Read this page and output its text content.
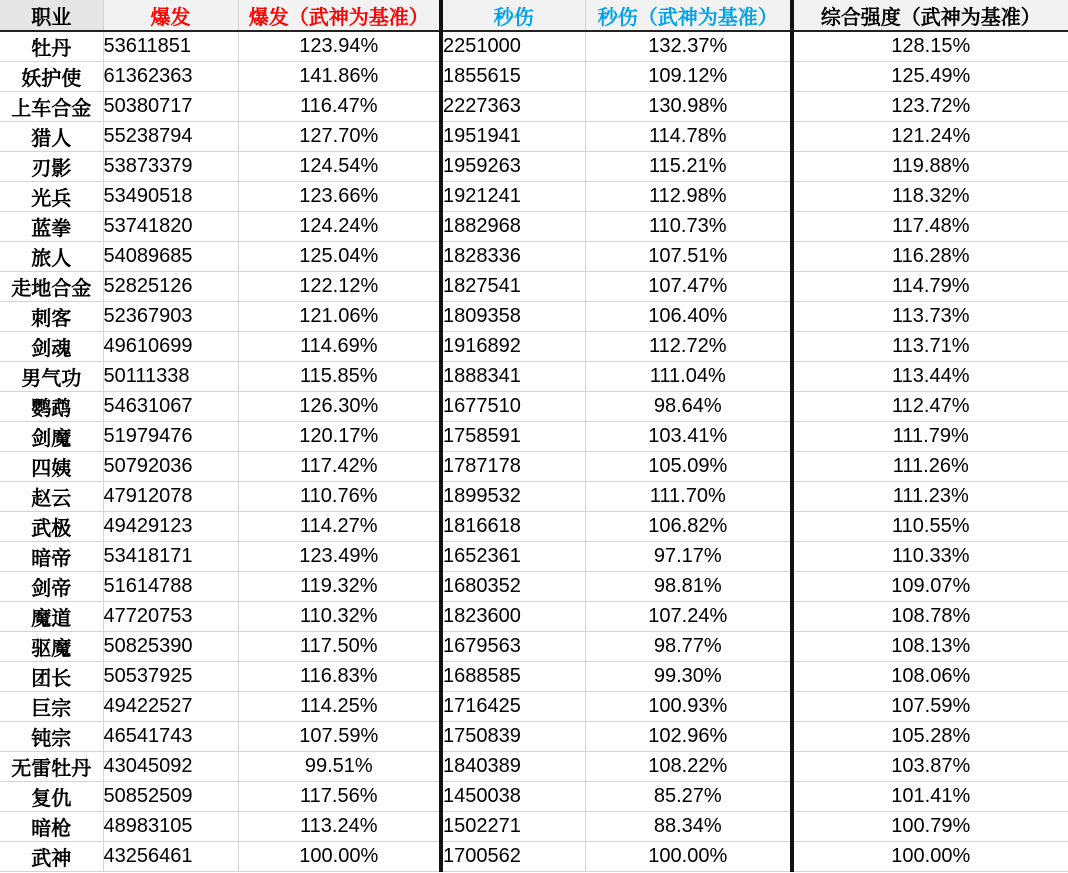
职业	爆发	爆发（武神为基准）	秒伤	秒伤（武神为基准）	综合强度（武神为基准）
牡丹	53611851	123.94%	2251000	132.37%	128.15%
妖护使	61362363	141.86%	1855615	109.12%	125.49%
上车合金	50380717	116.47%	2227363	130.98%	123.72%
猎人	55238794	127.70%	1951941	114.78%	121.24%
刃影	53873379	124.54%	1959263	115.21%	119.88%
光兵	53490518	123.66%	1921241	112.98%	118.32%
蓝拳	53741820	124.24%	1882968	110.73%	117.48%
旅人	54089685	125.04%	1828336	107.51%	116.28%
走地合金	52825126	122.12%	1827541	107.47%	114.79%
刺客	52367903	121.06%	1809358	106.40%	113.73%
剑魂	49610699	114.69%	1916892	112.72%	113.71%
男气功	50111338	115.85%	1888341	111.04%	113.44%
鹦鹉	54631067	126.30%	1677510	98.64%	112.47%
剑魔	51979476	120.17%	1758591	103.41%	111.79%
四姨	50792036	117.42%	1787178	105.09%	111.26%
赵云	47912078	110.76%	1899532	111.70%	111.23%
武极	49429123	114.27%	1816618	106.82%	110.55%
暗帝	53418171	123.49%	1652361	97.17%	110.33%
剑帝	51614788	119.32%	1680352	98.81%	109.07%
魔道	47720753	110.32%	1823600	107.24%	108.78%
驱魔	50825390	117.50%	1679563	98.77%	108.13%
团长	50537925	116.83%	1688585	99.30%	108.06%
巨宗	49422527	114.25%	1716425	100.93%	107.59%
钝宗	46541743	107.59%	1750839	102.96%	105.28%
无雷牡丹	43045092	99.51%	1840389	108.22%	103.87%
复仇	50852509	117.56%	1450038	85.27%	101.41%
暗枪	48983105	113.24%	1502271	88.34%	100.79%
武神	43256461	100.00%	1700562	100.00%	100.00%
